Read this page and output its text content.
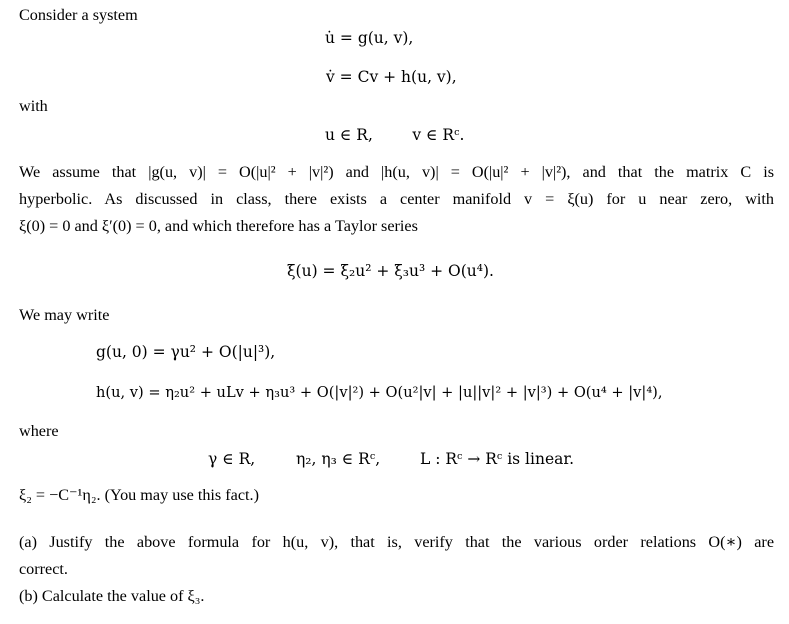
Consider a system
u̇ = g(u, v),
v̇ = Cv + h(u, v),
with
u ∈ R,        v ∈ Rᶜ.
We assume that |g(u, v)| = O(|u|² + |v|²) and |h(u, v)| = O(|u|² + |v|²), and that the matrix C is
hyperbolic. As discussed in class, there exists a center manifold v = ξ(u) for u near zero, with
ξ(0) = 0 and ξ′(0) = 0, and which therefore has a Taylor series
ξ(u) = ξ₂u² + ξ₃u³ + O(u⁴).
We may write
g(u, 0) = γu² + O(|u|³),
h(u, v) = η₂u² + uLv + η₃u³ + O(|v|²) + O(u²|v| + |u||v|² + |v|³) + O(u⁴ + |v|⁴),
where
γ ∈ R,	η₂, η₃ ∈ Rᶜ,	L : Rᶜ → Rᶜ is linear.
ξ₂ = −C⁻¹η₂. (You may use this fact.)
(a) Justify the above formula for h(u, v), that is, verify that the various order relations O(∗) are
correct.
(b) Calculate the value of ξ₃.
